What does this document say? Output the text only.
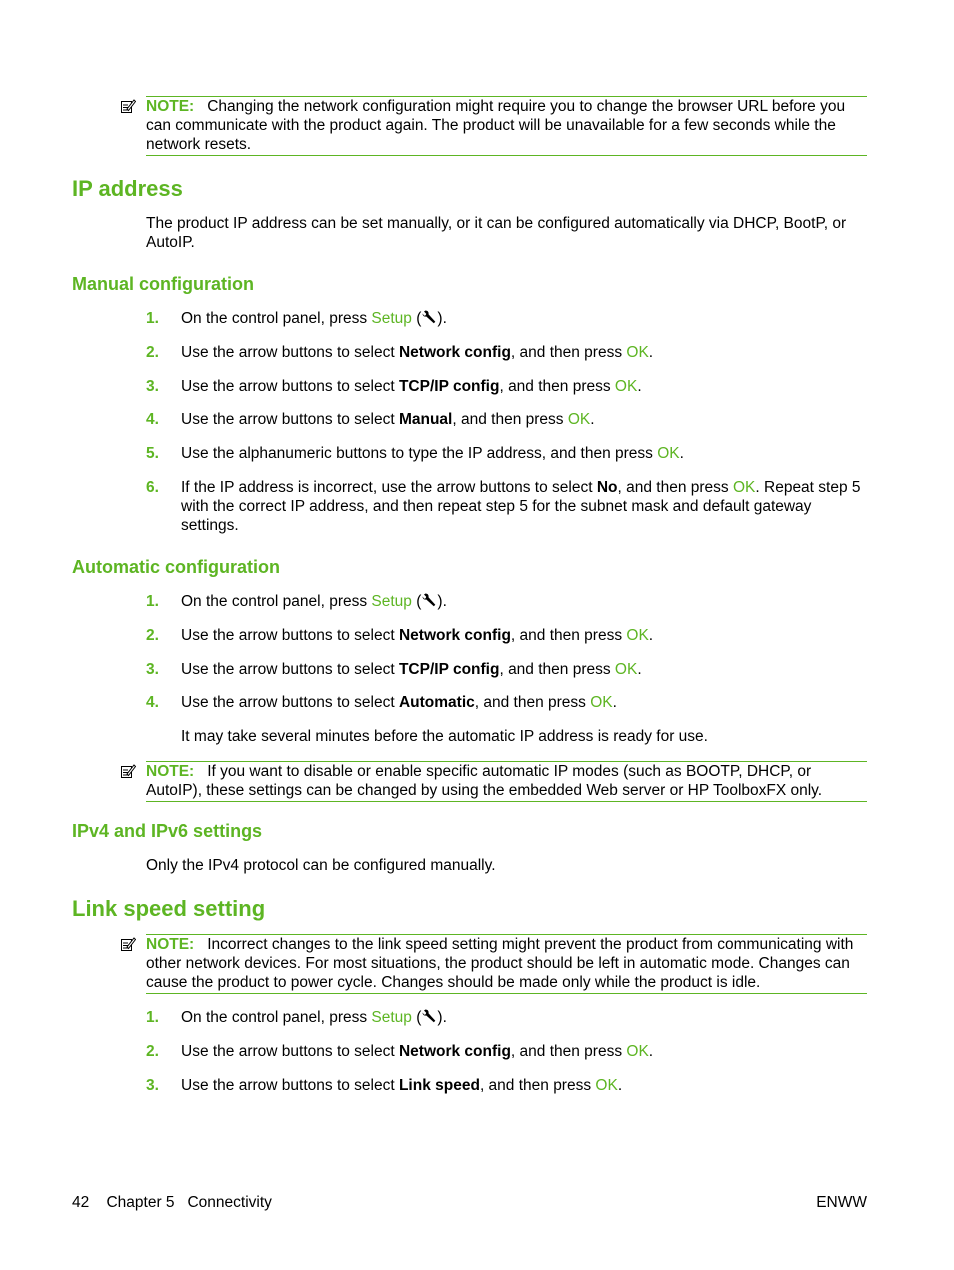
NOTE: Changing the network configuration might require you to change the browser URL before you can communicate with the product again. The product will be unavailable for a few seconds while the network resets.
IP address
The product IP address can be set manually, or it can be configured automatically via DHCP, BootP, or AutoIP.
Manual configuration
1. On the control panel, press Setup ( ).
2. Use the arrow buttons to select Network config, and then press OK.
3. Use the arrow buttons to select TCP/IP config, and then press OK.
4. Use the arrow buttons to select Manual, and then press OK.
5. Use the alphanumeric buttons to type the IP address, and then press OK.
6. If the IP address is incorrect, use the arrow buttons to select No, and then press OK. Repeat step 5 with the correct IP address, and then repeat step 5 for the subnet mask and default gateway settings.
Automatic configuration
1. On the control panel, press Setup ( ).
2. Use the arrow buttons to select Network config, and then press OK.
3. Use the arrow buttons to select TCP/IP config, and then press OK.
4. Use the arrow buttons to select Automatic, and then press OK.
It may take several minutes before the automatic IP address is ready for use.
NOTE: If you want to disable or enable specific automatic IP modes (such as BOOTP, DHCP, or AutoIP), these settings can be changed by using the embedded Web server or HP ToolboxFX only.
IPv4 and IPv6 settings
Only the IPv4 protocol can be configured manually.
Link speed setting
NOTE: Incorrect changes to the link speed setting might prevent the product from communicating with other network devices. For most situations, the product should be left in automatic mode. Changes can cause the product to power cycle. Changes should be made only while the product is idle.
1. On the control panel, press Setup ( ).
2. Use the arrow buttons to select Network config, and then press OK.
3. Use the arrow buttons to select Link speed, and then press OK.
42 Chapter 5 Connectivity	ENWW
